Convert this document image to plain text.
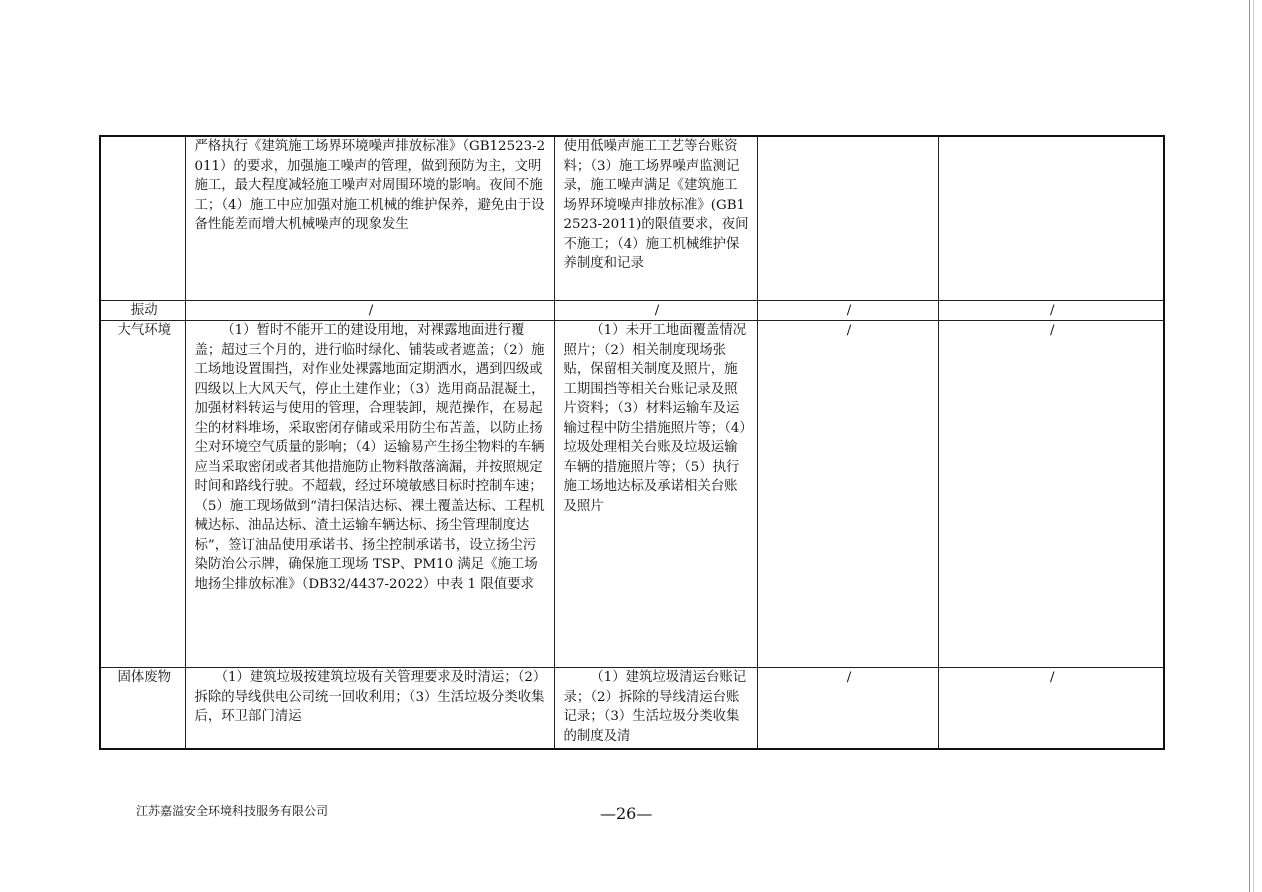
	严格执行《建筑施工场界环境噪声排放标准》（GB12523-2011）的要求，加强施工噪声的管理，做到预防为主，文明施工，最大程度减轻施工噪声对周围环境的影响。夜间不施工；（4）施工中应加强对施工机械的维护保养，避免由于设备性能差而增大机械噪声的现象发生	使用低噪声施工工艺等台账资料；（3）施工场界噪声监测记录，施工噪声满足《建筑施工场界环境噪声排放标准》(GB12523-2011)的限值要求，夜间不施工；（4）施工机械维护保养制度和记录		
振动	/	/	/	/
大气环境	（1）暂时不能开工的建设用地，对裸露地面进行覆盖；超过三个月的，进行临时绿化、铺装或者遮盖；（2）施工场地设置围挡，对作业处裸露地面定期洒水，遇到四级或四级以上大风天气，停止土建作业；（3）选用商品混凝土，加强材料转运与使用的管理，合理装卸，规范操作，在易起尘的材料堆场，采取密闭存储或采用防尘布苫盖，以防止扬尘对环境空气质量的影响；（4）运输易产生扬尘物料的车辆应当采取密闭或者其他措施防止物料散落滴漏，并按照规定时间和路线行驶。不超载，经过环境敏感目标时控制车速；（5）施工现场做到“清扫保洁达标、裸土覆盖达标、工程机械达标、油品达标、渣土运输车辆达标、扬尘管理制度达标”，签订油品使用承诺书、扬尘控制承诺书，设立扬尘污染防治公示牌，确保施工现场 TSP、PM10 满足《施工场地扬尘排放标准》（DB32/4437-2022）中表 1 限值要求	（1）未开工地面覆盖情况照片；（2）相关制度现场张贴，保留相关制度及照片，施工期围挡等相关台账记录及照片资料；（3）材料运输车及运输过程中防尘措施照片等；（4）垃圾处理相关台账及垃圾运输车辆的措施照片等；（5）执行施工场地达标及承诺相关台账及照片	/	/
固体废物	（1）建筑垃圾按建筑垃圾有关管理要求及时清运；（2）拆除的导线供电公司统一回收利用；（3）生活垃圾分类收集后，环卫部门清运	（1）建筑垃圾清运台账记录；（2）拆除的导线清运台账记录；（3）生活垃圾分类收集的制度及清	/	/
江苏嘉溢安全环境科技服务有限公司	—26—
